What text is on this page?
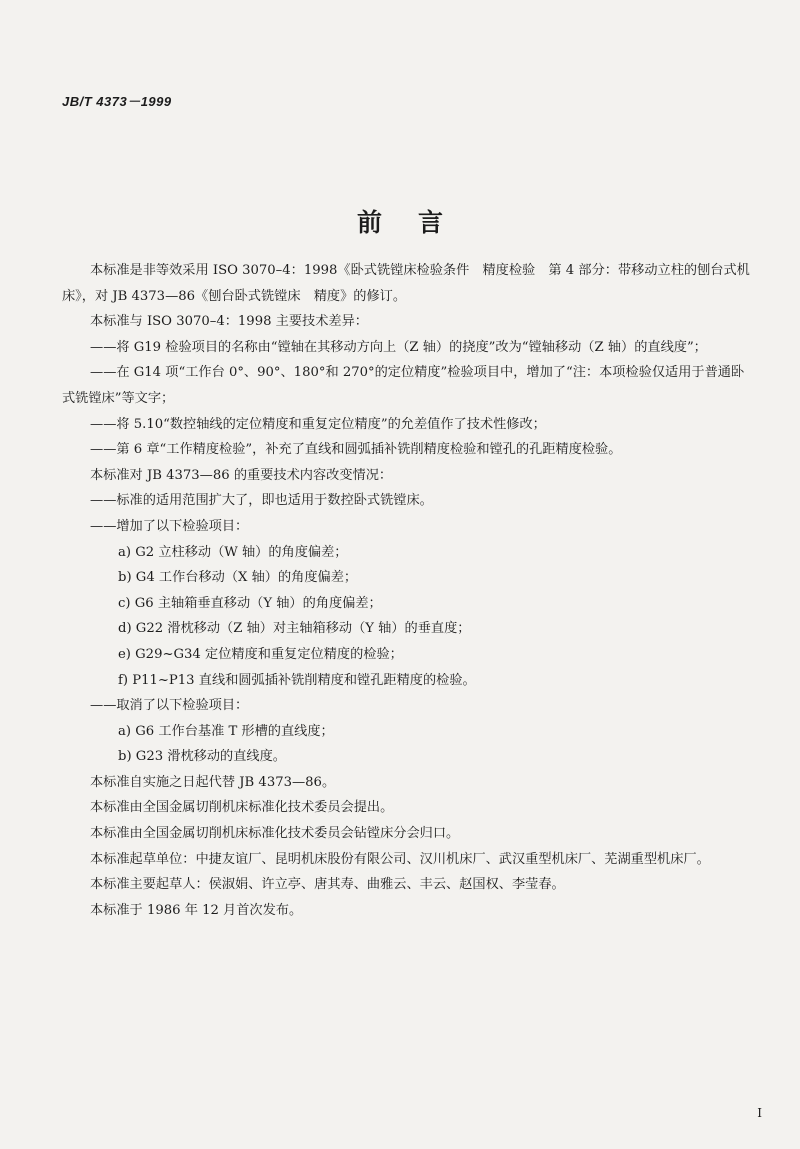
JB/T 4373－1999
前言

本标准是非等效采用 ISO 3070–4：1998《卧式铣镗床检验条件　精度检验　第 4 部分：带移动立柱的刨台式机床》，对 JB 4373—86《刨台卧式铣镗床　精度》的修订。

本标准与 ISO 3070–4：1998 主要技术差异：

——将 G19 检验项目的名称由“镗轴在其移动方向上（Z 轴）的挠度”改为“镗轴移动（Z 轴）的直线度”；

——在 G14 项“工作台 0°、90°、180°和 270°的定位精度”检验项目中，增加了“注：本项检验仅适用于普通卧式铣镗床”等文字；

——将 5.10“数控轴线的定位精度和重复定位精度”的允差值作了技术性修改；

——第 6 章“工作精度检验”，补充了直线和圆弧插补铣削精度检验和镗孔的孔距精度检验。

本标准对 JB 4373—86 的重要技术内容改变情况：

——标准的适用范围扩大了，即也适用于数控卧式铣镗床。

——增加了以下检验项目：

a) G2 立柱移动（W 轴）的角度偏差；

b) G4 工作台移动（X 轴）的角度偏差；

c) G6 主轴箱垂直移动（Y 轴）的角度偏差；

d) G22 滑枕移动（Z 轴）对主轴箱移动（Y 轴）的垂直度；

e) G29~G34 定位精度和重复定位精度的检验；

f) P11~P13 直线和圆弧插补铣削精度和镗孔距精度的检验。

——取消了以下检验项目：

a) G6 工作台基准 T 形槽的直线度；

b) G23 滑枕移动的直线度。

本标准自实施之日起代替 JB 4373—86。

本标准由全国金属切削机床标准化技术委员会提出。

本标准由全国金属切削机床标准化技术委员会钻镗床分会归口。

本标准起草单位：中捷友谊厂、昆明机床股份有限公司、汉川机床厂、武汉重型机床厂、芜湖重型机床厂。

本标准主要起草人：侯淑娟、许立亭、唐其寿、曲雅云、丰云、赵国权、李莹春。

本标准于 1986 年 12 月首次发布。

I
